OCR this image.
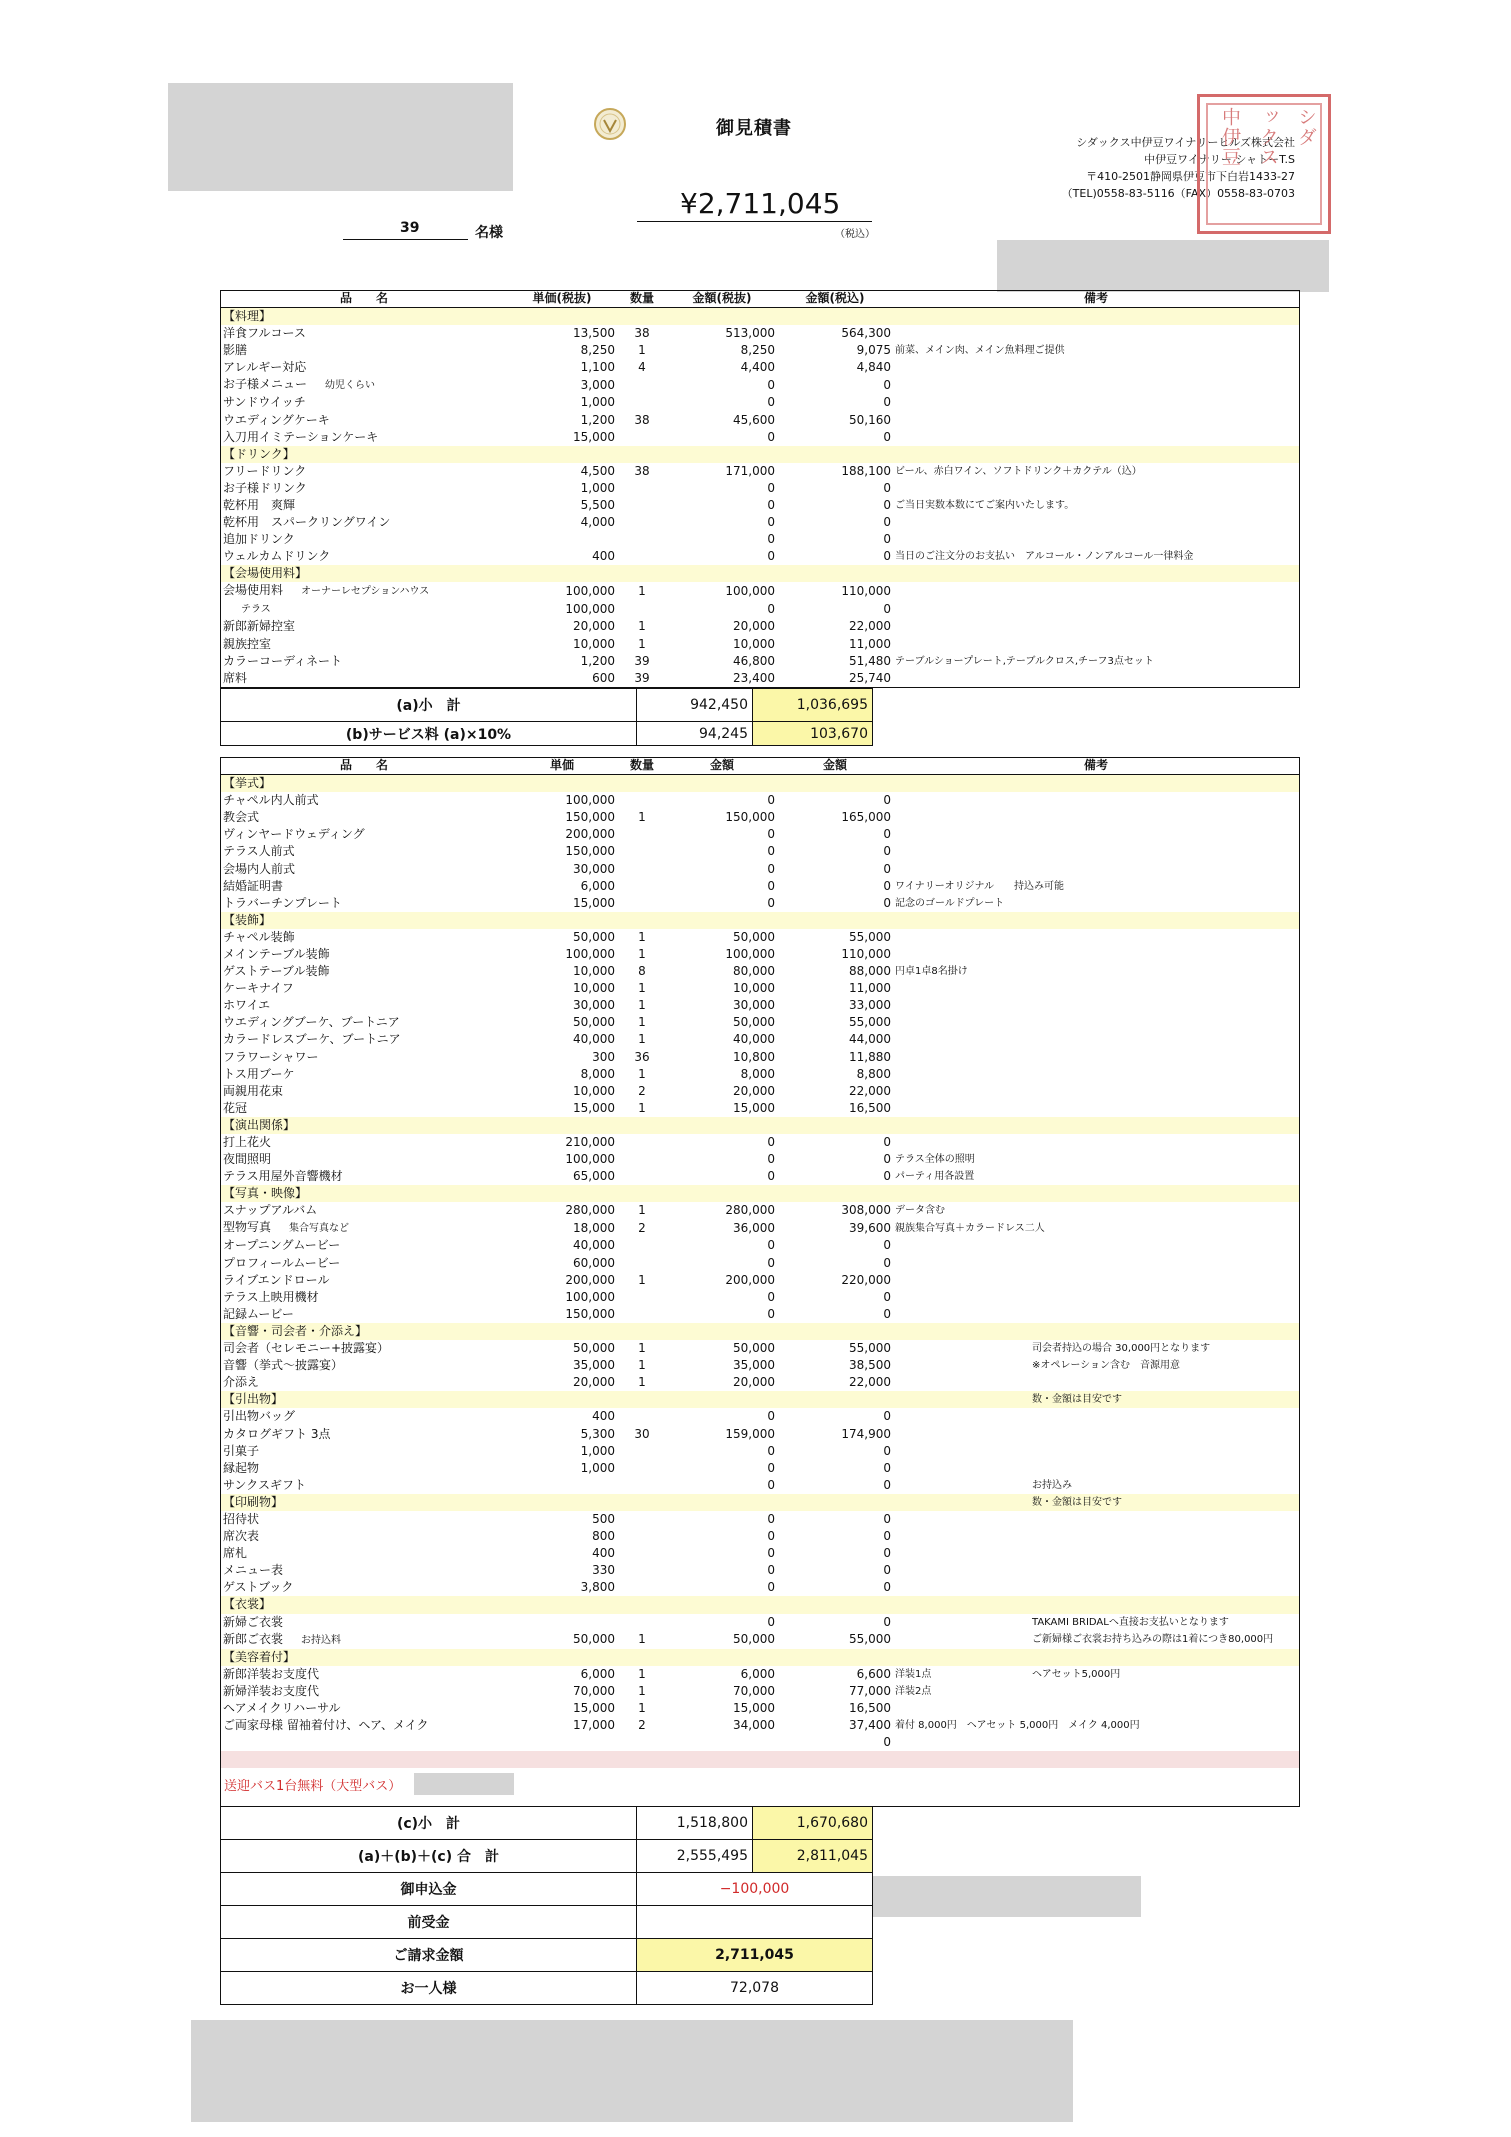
御見積書
シダックス中伊豆ワイナリーヒルズ株式会社
中伊豆ワイナリー シャトーT.S
〒410-2501静岡県伊豆市下白岩1433-27
（TEL)0558-83-5116（FAX）0558-83-0703
シダ
ックス
中伊豆
¥2,711,045
（税込）
39	名様
品　　名	単価(税抜)	数量	金額(税抜)	金額(税込)	備考
【料理】					
洋食フルコース	13,500	38	513,000	564,300	
影膳	8,250	1	8,250	9,075	前菜、メイン肉、メイン魚料理ご提供
アレルギー対応	1,100	4	4,400	4,840	
お子様メニュー 幼児くらい	3,000		0	0	
サンドウイッチ	1,000		0	0	
ウエディングケーキ	1,200	38	45,600	50,160	
入刀用イミテーションケーキ	15,000		0	0	
【ドリンク】					
フリードリンク	4,500	38	171,000	188,100	ビール、赤白ワイン、ソフトドリンク＋カクテル（込）
お子様ドリンク	1,000		0	0	
乾杯用　爽輝	5,500		0	0	ご当日実数本数にてご案内いたします。
乾杯用　スパークリングワイン	4,000		0	0	
追加ドリンク			0	0	
ウェルカムドリンク	400		0	0	当日のご注文分のお支払い　アルコール・ノンアルコール一律料金
【会場使用料】					
会場使用料 オーナーレセプションハウス	100,000	1	100,000	110,000	
テラス	100,000		0	0	
新郎新婦控室	20,000	1	20,000	22,000	
親族控室	10,000	1	10,000	11,000	
カラーコーディネート	1,200	39	46,800	51,480	テーブルショープレート,テーブルクロス,チーフ3点セット
席料	600	39	23,400	25,740	
(a)小　計	942,450	1,036,695
(b)サービス料 (a)×10%	94,245	103,670
品　　名	単価	数量	金額	金額	備考	
【挙式】						
チャペル内人前式	100,000		0	0		
教会式	150,000	1	150,000	165,000		
ヴィンヤードウェディング	200,000		0	0		
テラス人前式	150,000		0	0		
会場内人前式	30,000		0	0		
結婚証明書	6,000		0	0	ワイナリーオリジナル　　持込み可能	
トラバーチンプレート	15,000		0	0	記念のゴールドプレート	
【装飾】						
チャペル装飾	50,000	1	50,000	55,000		
メインテーブル装飾	100,000	1	100,000	110,000		
ゲストテーブル装飾	10,000	8	80,000	88,000	円卓1卓8名掛け	
ケーキナイフ	10,000	1	10,000	11,000		
ホワイエ	30,000	1	30,000	33,000		
ウエディングブーケ、ブートニア	50,000	1	50,000	55,000		
カラードレスブーケ、ブートニア	40,000	1	40,000	44,000		
フラワーシャワー	300	36	10,800	11,880		
トス用ブーケ	8,000	1	8,000	8,800		
両親用花束	10,000	2	20,000	22,000		
花冠	15,000	1	15,000	16,500		
【演出関係】						
打上花火	210,000		0	0		
夜間照明	100,000		0	0	テラス全体の照明	
テラス用屋外音響機材	65,000		0	0	パーティ用各設置	
【写真・映像】						
スナップアルバム	280,000	1	280,000	308,000	データ含む	
型物写真 集合写真など	18,000	2	36,000	39,600	親族集合写真＋カラードレス二人	
オープニングムービー	40,000		0	0		
プロフィールムービー	60,000		0	0		
ライブエンドロール	200,000	1	200,000	220,000		
テラス上映用機材	100,000		0	0		
記録ムービー	150,000		0	0		
【音響・司会者・介添え】						
司会者（セレモニー+披露宴）	50,000	1	50,000	55,000		司会者持込の場合 30,000円となります
音響（挙式～披露宴）	35,000	1	35,000	38,500		※オペレーション含む　音源用意
介添え	20,000	1	20,000	22,000		
【引出物】						数・金額は目安です
引出物バッグ	400		0	0		
カタログギフト 3点	5,300	30	159,000	174,900		
引菓子	1,000		0	0		
縁起物	1,000		0	0		
サンクスギフト			0	0		お持込み
【印刷物】						数・金額は目安です
招待状	500		0	0		
席次表	800		0	0		
席札	400		0	0		
メニュー表	330		0	0		
ゲストブック	3,800		0	0		
【衣裳】						
新婦ご衣裳			0	0		TAKAMI BRIDALへ直接お支払いとなります
新郎ご衣裳 お持込料	50,000	1	50,000	55,000		ご新婦様ご衣裳お持ち込みの際は1着につき80,000円
【美容着付】						
新郎洋装お支度代	6,000	1	6,000	6,600	洋装1点	ヘアセット5,000円
新婦洋装お支度代	70,000	1	70,000	77,000	洋装2点	
ヘアメイクリハーサル	15,000	1	15,000	16,500		
ご両家母様 留袖着付け、ヘア、メイク	17,000	2	34,000	37,400	着付 8,000円　ヘアセット 5,000円　メイク 4,000円	
				0		

送迎バス1台無料（大型バス）
(c)小　計	1,518,800	1,670,680
(a)＋(b)＋(c) 合　計	2,555,495	2,811,045
御申込金	−100,000	
前受金		
ご請求金額	2,711,045	
お一人様	72,078	
